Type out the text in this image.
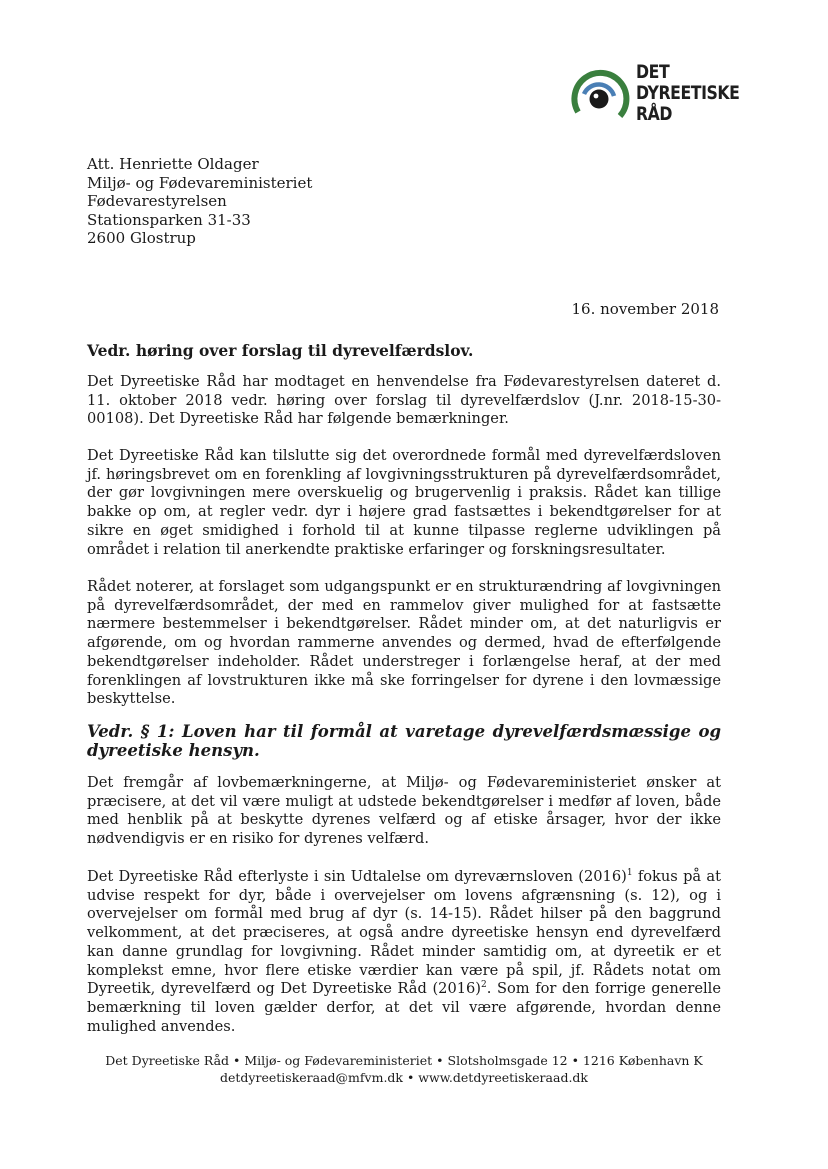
DET
DYREETISKE
RÅD
Att. Henriette Oldager
Miljø- og Fødevareministeriet
Fødevarestyrelsen
Stationsparken 31-33
2600 Glostrup
16. november 2018
Vedr. høring over forslag til dyrevelfærdslov.
Det Dyreetiske Råd har modtaget en henvendelse fra Fødevarestyrelsen dateret d. 11. oktober 2018 vedr. høring over forslag til dyrevelfærdslov (J.nr. 2018-15-30-00108). Det Dyreetiske Råd har følgende bemærkninger.
Det Dyreetiske Råd kan tilslutte sig det overordnede formål med dyrevelfærdsloven jf. høringsbrevet om en forenkling af lovgivningsstrukturen på dyrevelfærdsområdet, der gør lovgivningen mere overskuelig og brugervenlig i praksis. Rådet kan tillige bakke op om, at regler vedr. dyr i højere grad fastsættes i bekendtgørelser for at sikre en øget smidighed i forhold til at kunne tilpasse reglerne udviklingen på området i relation til anerkendte praktiske erfaringer og forskningsresultater.
Rådet noterer, at forslaget som udgangspunkt er en strukturændring af lovgivningen på dyrevelfærdsområdet, der med en rammelov giver mulighed for at fastsætte nærmere bestemmelser i bekendtgørelser. Rådet minder om, at det naturligvis er afgørende, om og hvordan rammerne anvendes og dermed, hvad de efterfølgende bekendtgørelser indeholder. Rådet understreger i forlængelse heraf, at der med forenklingen af lovstrukturen ikke må ske forringelser for dyrene i den lovmæssige beskyttelse.
Vedr. § 1: Loven har til formål at varetage dyrevelfærdsmæssige og dyreetiske hensyn.
Det fremgår af lovbemærkningerne, at Miljø- og Fødevareministeriet ønsker at præcisere, at det vil være muligt at udstede bekendtgørelser i medfør af loven, både med henblik på at beskytte dyrenes velfærd og af etiske årsager, hvor der ikke nødvendigvis er en risiko for dyrenes velfærd.
Det Dyreetiske Råd efterlyste i sin Udtalelse om dyreværnsloven $(2016)^1$ fokus på at udvise respekt for dyr, både i overvejelser om lovens afgrænsning (s. 12), og i overvejelser om formål med brug af dyr (s. 14-15). Rådet hilser på den baggrund velkomment, at det præciseres, at også andre dyreetiske hensyn end dyrevelfærd kan danne grundlag for lovgivning. Rådet minder samtidig om, at dyreetik er et komplekst emne, hvor flere etiske værdier kan være på spil, jf. Rådets notat om Dyreetik, dyrevelfærd og Det Dyreetiske Råd $(2016)^2$. Som for den forrige generelle bemærkning til loven gælder derfor, at det vil være afgørende, hvordan denne mulighed anvendes.
Det Dyreetiske Råd • Miljø- og Fødevareministeriet • Slotsholmsgade 12 • 1216 København K
detdyreetiskeraad@mfvm.dk • www.detdyreetiskeraad.dk
